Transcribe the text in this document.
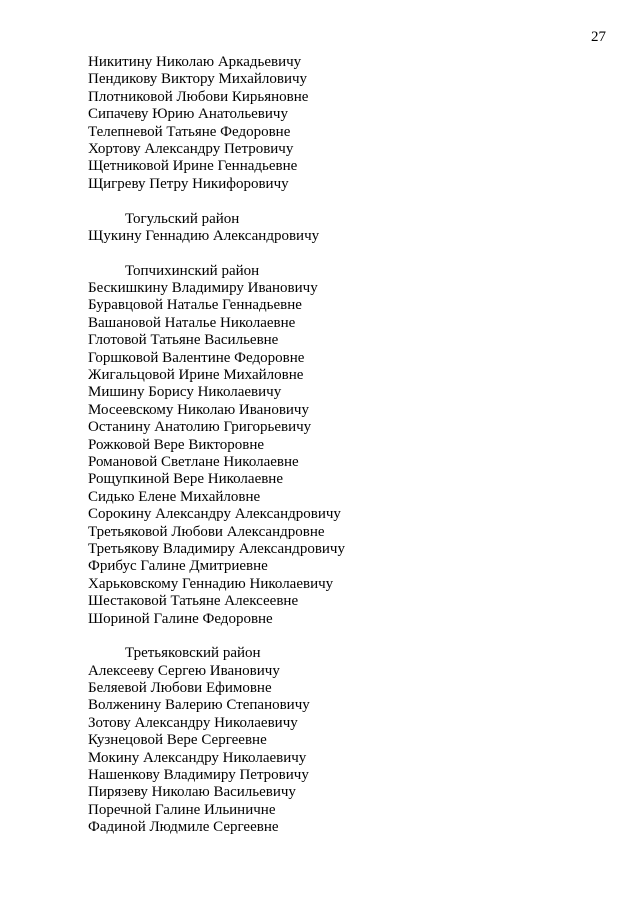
27
Никитину Николаю Аркадьевичу
Пендикову Виктору Михайловичу
Плотниковой Любови Кирьяновне
Сипачеву Юрию Анатольевичу
Телепневой Татьяне Федоровне
Хортову Александру Петровичу
Щетниковой Ирине Геннадьевне
Щигреву Петру Никифоровичу
Тогульский район
Щукину Геннадию Александровичу
Топчихинский район
Бескишкину Владимиру Ивановичу
Буравцовой Наталье Геннадьевне
Вашановой Наталье Николаевне
Глотовой Татьяне Васильевне
Горшковой Валентине Федоровне
Жигальцовой Ирине Михайловне
Мишину Борису Николаевичу
Мосеевскому Николаю Ивановичу
Останину Анатолию Григорьевичу
Рожковой Вере Викторовне
Романовой Светлане Николаевне
Рощупкиной Вере Николаевне
Сидько Елене Михайловне
Сорокину Александру Александровичу
Третьяковой Любови Александровне
Третьякову Владимиру Александровичу
Фрибус Галине Дмитриевне
Харьковскому Геннадию Николаевичу
Шестаковой Татьяне Алексеевне
Шориной Галине Федоровне
Третьяковский район
Алексееву Сергею Ивановичу
Беляевой Любови Ефимовне
Волженину Валерию Степановичу
Зотову Александру Николаевичу
Кузнецовой Вере Сергеевне
Мокину Александру Николаевичу
Нашенкову Владимиру Петровичу
Пирязеву Николаю Васильевичу
Поречной Галине Ильиничне
Фадиной Людмиле Сергеевне
